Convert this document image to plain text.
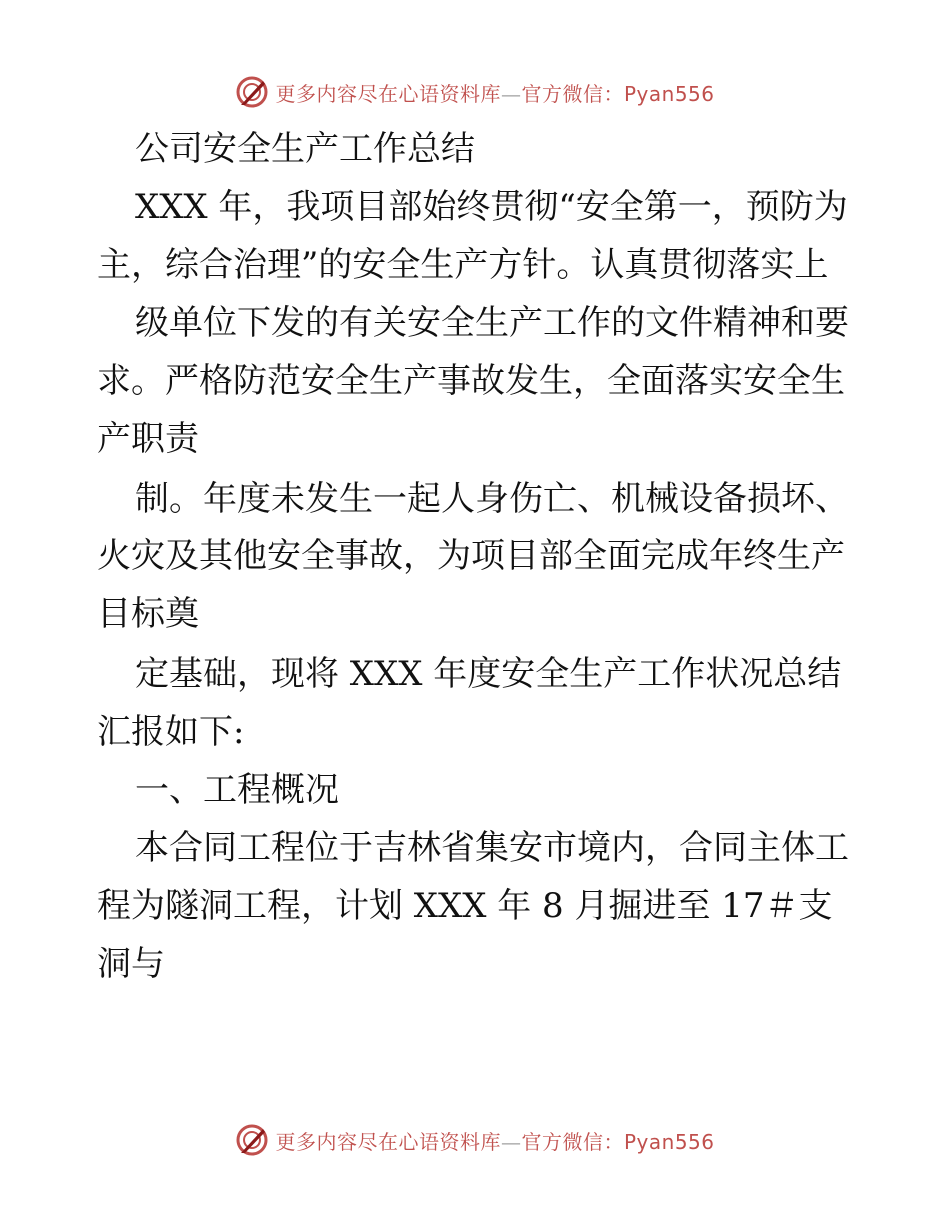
更多内容尽在心语资料库—官方微信：Pyan556
公司安全生产工作总结
XXX 年，我项目部始终贯彻“安全第一，预防为
主，综合治理”的安全生产方针。认真贯彻落实上
级单位下发的有关安全生产工作的文件精神和要
求。严格防范安全生产事故发生，全面落实安全生
产职责
制。年度未发生一起人身伤亡、机械设备损坏、
火灾及其他安全事故，为项目部全面完成年终生产
目标奠
定基础，现将 XXX 年度安全生产工作状况总结
汇报如下:
一、工程概况
本合同工程位于吉林省集安市境内，合同主体工
程为隧洞工程，计划 XXX 年 8 月掘进至 17＃支
洞与
更多内容尽在心语资料库—官方微信：Pyan556
